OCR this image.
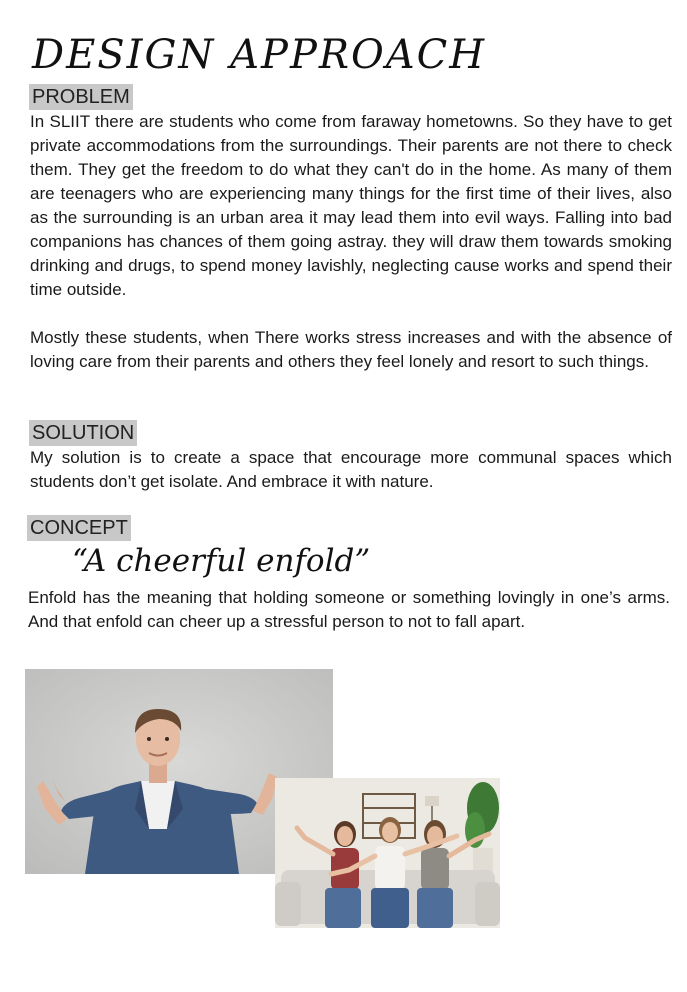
DESIGN APPROACH
PROBLEM

In SLIIT there are students who come from faraway hometowns. So they have to get private accommodations from the surroundings. Their parents are not there to check them. They get the freedom to do what they can't do in the home. As many of them are teenagers who are experiencing many things for the first time of their lives, also as the surrounding is an urban area it may lead them into evil ways. Falling into bad companions has chances of them going astray. they will draw them towards smoking drinking and drugs, to spend money lavishly, neglecting cause works and spend their time outside.

Mostly these students, when There works stress increases and with the absence of loving care from their parents and others they feel lonely and resort to such things.

SOLUTION

My solution is to create a space that encourage more communal spaces which students don’t get isolate. And embrace it with nature.

CONCEPT
“A cheerful enfold”

Enfold has the meaning that holding someone or something lovingly in one’s arms. And that enfold can cheer up a stressful person to not to fall apart.
